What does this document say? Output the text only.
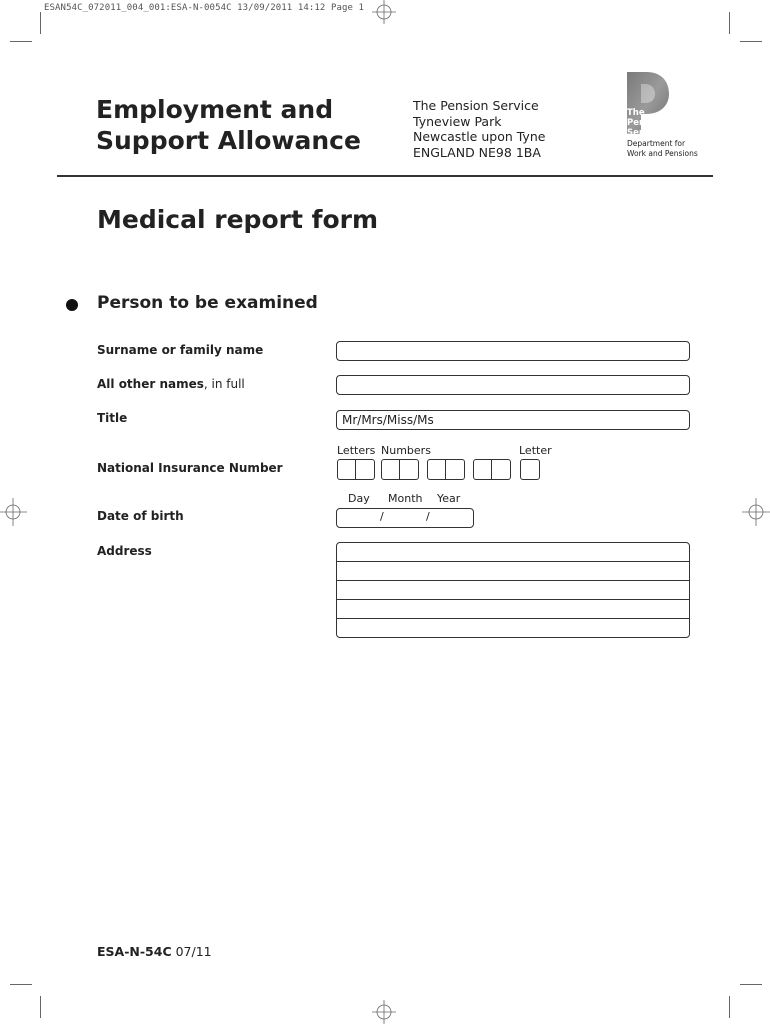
ESAN54C_072011_004_001:ESA-N-0054C 13/09/2011 14:12 Page 1
Employment and
Support Allowance
The Pension Service
Tyneview Park
Newcastle upon Tyne
ENGLAND NE98 1BA
The
Pension
Service
Department for
Work and Pensions
Medical report form
Person to be examined
Surname or family name
All other names, in full
Title	Mr/Mrs/Miss/Ms
Letters Numbers	Letter
National Insurance Number
Day Month Year
Date of birth	/	/
Address
ESA-N-54C 07/11
